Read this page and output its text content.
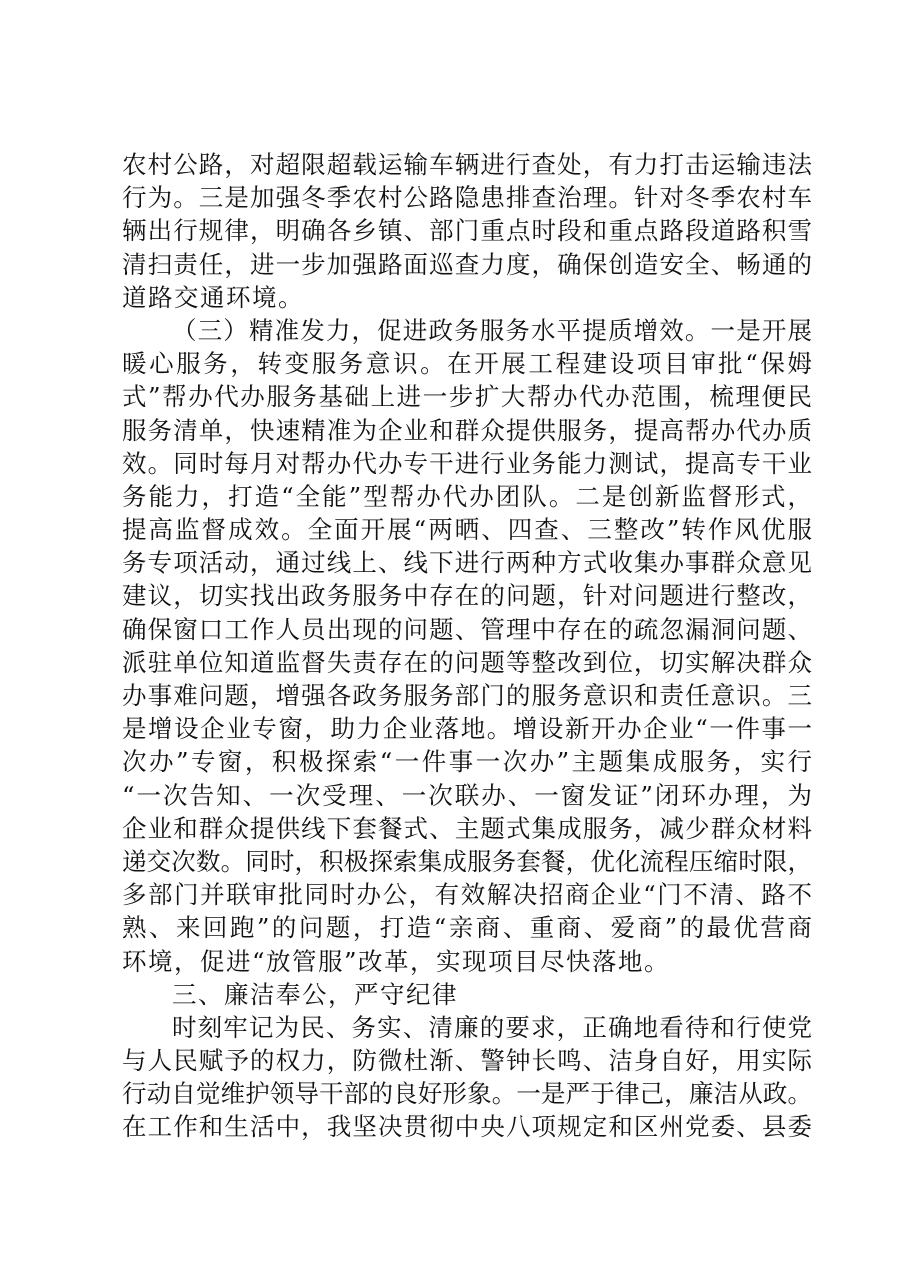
农村公路，对超限超载运输车辆进行查处，有力打击运输违法
行为。三是加强冬季农村公路隐患排查治理。针对冬季农村车
辆出行规律，明确各乡镇、部门重点时段和重点路段道路积雪
清扫责任，进一步加强路面巡查力度，确保创造安全、畅通的
道路交通环境。
（三）精准发力，促进政务服务水平提质增效。一是开展
暖心服务，转变服务意识。在开展工程建设项目审批“保姆
式”帮办代办服务基础上进一步扩大帮办代办范围，梳理便民
服务清单，快速精准为企业和群众提供服务，提高帮办代办质
效。同时每月对帮办代办专干进行业务能力测试，提高专干业
务能力，打造“全能”型帮办代办团队。二是创新监督形式，
提高监督成效。全面开展“两晒、四查、三整改”转作风优服
务专项活动，通过线上、线下进行两种方式收集办事群众意见
建议，切实找出政务服务中存在的问题，针对问题进行整改，
确保窗口工作人员出现的问题、管理中存在的疏忽漏洞问题、
派驻单位知道监督失责存在的问题等整改到位，切实解决群众
办事难问题，增强各政务服务部门的服务意识和责任意识。三
是增设企业专窗，助力企业落地。增设新开办企业“一件事一
次办”专窗，积极探索“一件事一次办”主题集成服务，实行
“一次告知、一次受理、一次联办、一窗发证”闭环办理，为
企业和群众提供线下套餐式、主题式集成服务，减少群众材料
递交次数。同时，积极探索集成服务套餐，优化流程压缩时限，
多部门并联审批同时办公，有效解决招商企业“门不清、路不
熟、来回跑”的问题，打造“亲商、重商、爱商”的最优营商
环境，促进“放管服”改革，实现项目尽快落地。
三、廉洁奉公，严守纪律
时刻牢记为民、务实、清廉的要求，正确地看待和行使党
与人民赋予的权力，防微杜渐、警钟长鸣、洁身自好，用实际
行动自觉维护领导干部的良好形象。一是严于律己，廉洁从政。
在工作和生活中，我坚决贯彻中央八项规定和区州党委、县委
